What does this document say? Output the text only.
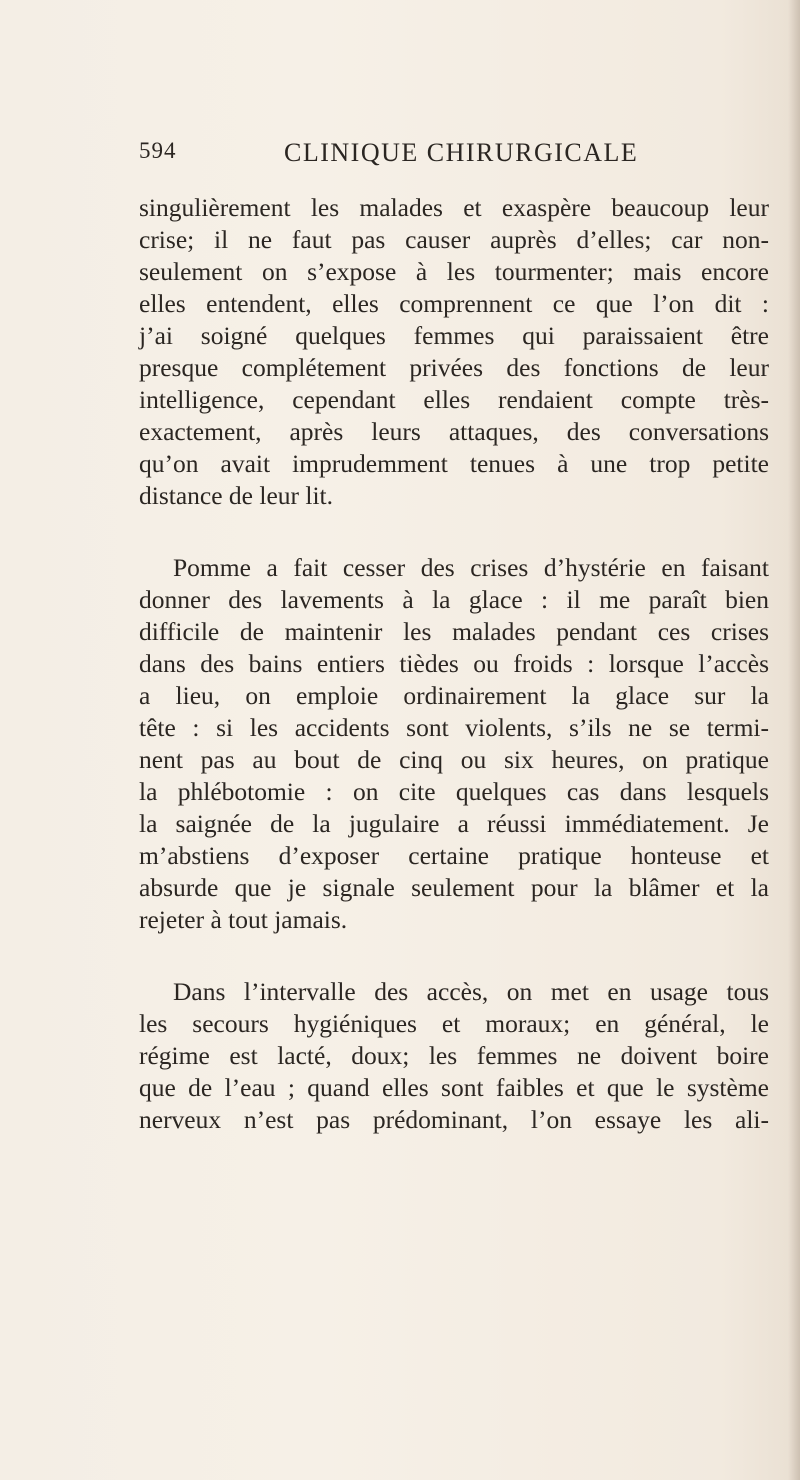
594	CLINIQUE CHIRURGICALE
singulièrement les malades et exaspère beaucoup leur
crise; il ne faut pas causer auprès d’elles; car non-
seulement on s’expose à les tourmenter; mais encore
elles entendent, elles comprennent ce que l’on dit :
j’ai soigné quelques femmes qui paraissaient être
presque complétement privées des fonctions de leur
intelligence, cependant elles rendaient compte très-
exactement, après leurs attaques, des conversations
qu’on avait imprudemment tenues à une trop petite
distance de leur lit.
Pomme a fait cesser des crises d’hystérie en faisant
donner des lavements à la glace : il me paraît bien
difficile de maintenir les malades pendant ces crises
dans des bains entiers tièdes ou froids : lorsque l’accès
a lieu, on emploie ordinairement la glace sur la
tête : si les accidents sont violents, s’ils ne se termi-
nent pas au bout de cinq ou six heures, on pratique
la phlébotomie : on cite quelques cas dans lesquels
la saignée de la jugulaire a réussi immédiatement. Je
m’abstiens d’exposer certaine pratique honteuse et
absurde que je signale seulement pour la blâmer et la
rejeter à tout jamais.
Dans l’intervalle des accès, on met en usage tous
les secours hygiéniques et moraux; en général, le
régime est lacté, doux; les femmes ne doivent boire
que de l’eau ; quand elles sont faibles et que le système
nerveux n’est pas prédominant, l’on essaye les ali-
